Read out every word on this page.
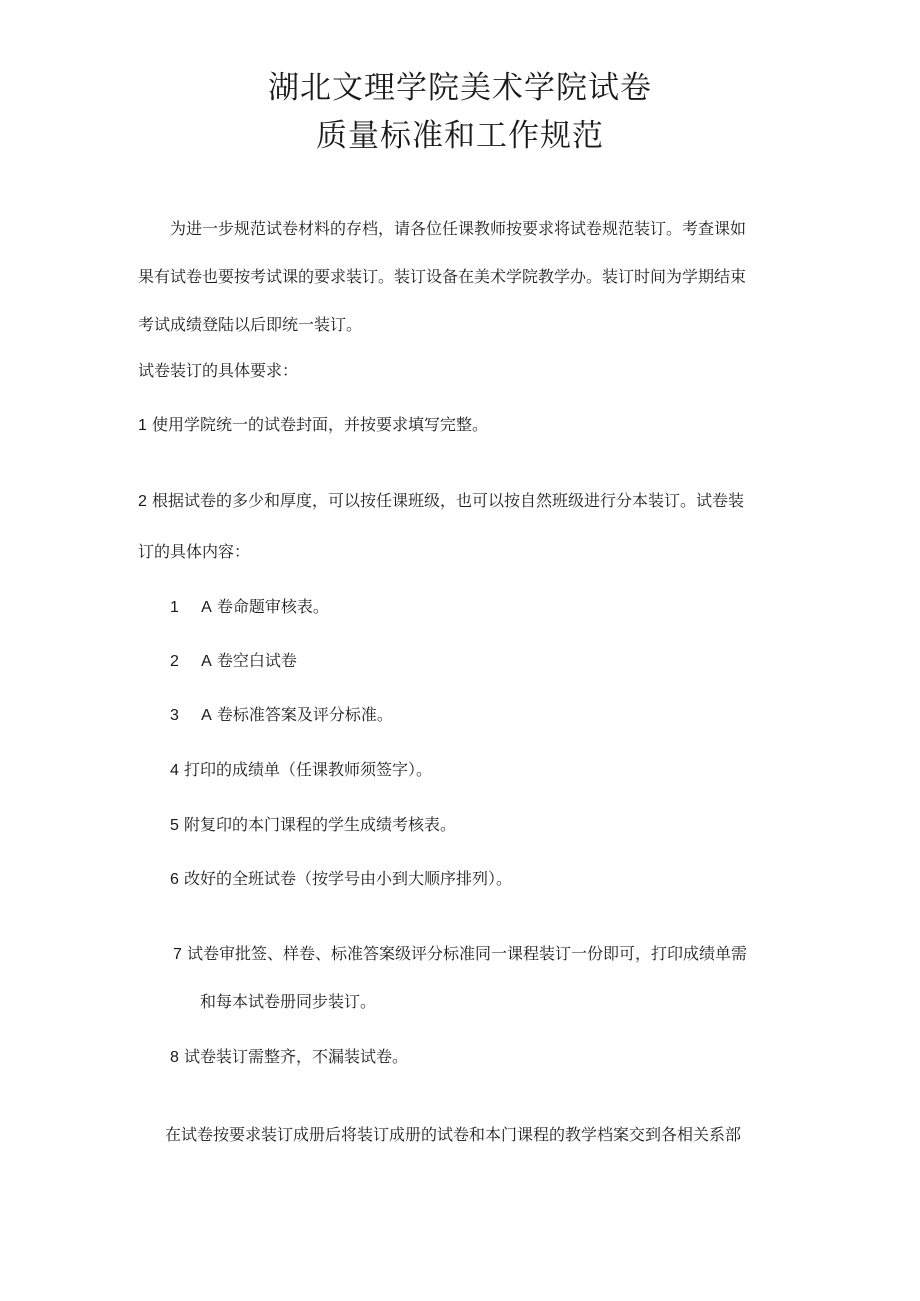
湖北文理学院美术学院试卷
质量标准和工作规范
为进一步规范试卷材料的存档，请各位任课教师按要求将试卷规范装订。考查课如
果有试卷也要按考试课的要求装订。装订设备在美术学院教学办。装订时间为学期结束
考试成绩登陆以后即统一装订。
试卷装订的具体要求：
1 使用学院统一的试卷封面，并按要求填写完整。
2 根据试卷的多少和厚度，可以按任课班级，也可以按自然班级进行分本装订。试卷装
订的具体内容：
1 A 卷命题审核表。
2 A 卷空白试卷
3 A 卷标准答案及评分标准。
4 打印的成绩单（任课教师须签字）。
5 附复印的本门课程的学生成绩考核表。
6 改好的全班试卷（按学号由小到大顺序排列）。
7 试卷审批签、样卷、标准答案级评分标准同一课程装订一份即可，打印成绩单需
和每本试卷册同步装订。
8 试卷装订需整齐，不漏装试卷。
在试卷按要求装订成册后将装订成册的试卷和本门课程的教学档案交到各相关系部
